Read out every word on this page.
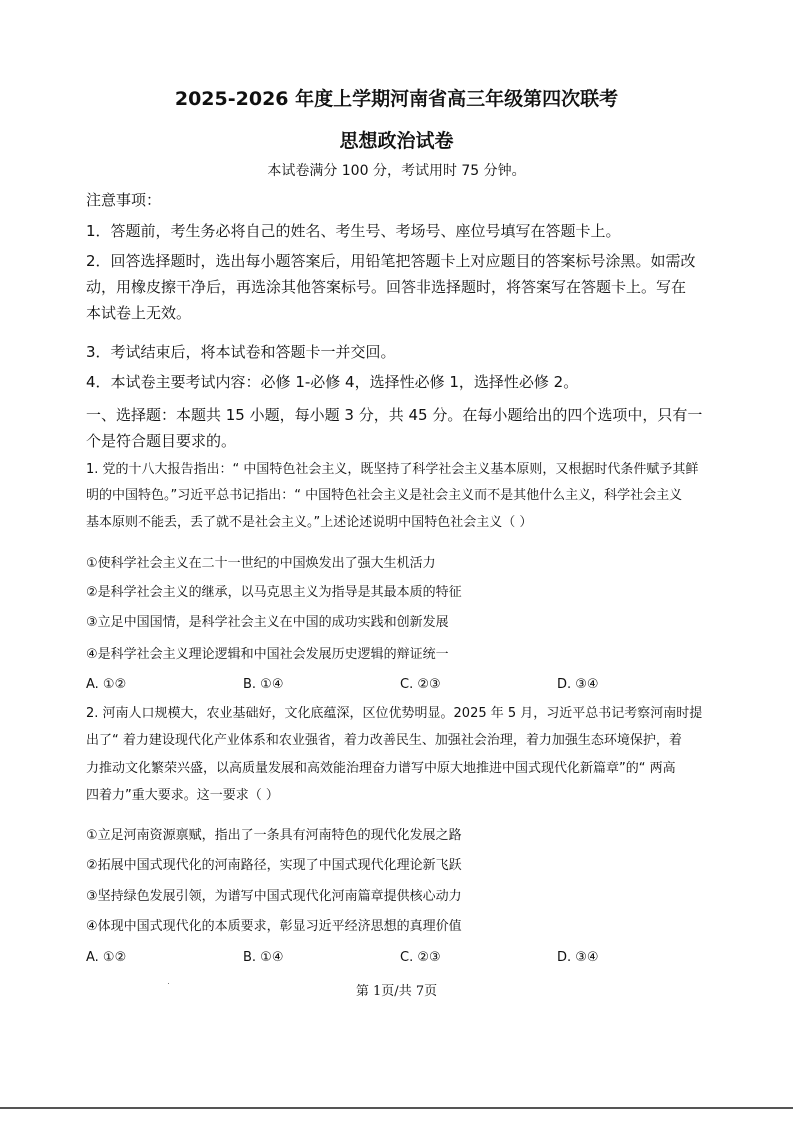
2025-2026 年度上学期河南省高三年级第四次联考
思想政治试卷
本试卷满分 100 分，考试用时 75 分钟。
注意事项：
1．答题前，考生务必将自己的姓名、考生号、考场号、座位号填写在答题卡上。
2．回答选择题时，选出每小题答案后，用铅笔把答题卡上对应题目的答案标号涂黑。如需改
动，用橡皮擦干净后，再选涂其他答案标号。回答非选择题时，将答案写在答题卡上。写在
本试卷上无效。
3．考试结束后，将本试卷和答题卡一并交回。
4．本试卷主要考试内容：必修 1-必修 4，选择性必修 1，选择性必修 2。
一、选择题：本题共 15 小题，每小题 3 分，共 45 分。在每小题给出的四个选项中，只有一
个是符合题目要求的。
1. 党的十八大报告指出：“ 中国特色社会主义，既坚持了科学社会主义基本原则，又根据时代条件赋予其鲜
明的中国特色。”习近平总书记指出：“ 中国特色社会主义是社会主义而不是其他什么主义，科学社会主义
基本原则不能丢，丢了就不是社会主义。”上述论述说明中国特色社会主义（ ）
①使科学社会主义在二十一世纪的中国焕发出了强大生机活力
②是科学社会主义的继承，以马克思主义为指导是其最本质的特征
③立足中国国情，是科学社会主义在中国的成功实践和创新发展
④是科学社会主义理论逻辑和中国社会发展历史逻辑的辩证统一
A. ①②	B. ①④	C. ②③	D. ③④
2. 河南人口规模大，农业基础好，文化底蕴深，区位优势明显。2025 年 5 月，习近平总书记考察河南时提
出了“ 着力建设现代化产业体系和农业强省，着力改善民生、加强社会治理，着力加强生态环境保护，着
力推动文化繁荣兴盛，以高质量发展和高效能治理奋力谱写中原大地推进中国式现代化新篇章”的“ 两高
四着力”重大要求。这一要求（ ）
①立足河南资源禀赋，指出了一条具有河南特色的现代化发展之路
②拓展中国式现代化的河南路径，实现了中国式现代化理论新飞跃
③坚持绿色发展引领，为谱写中国式现代化河南篇章提供核心动力
④体现中国式现代化的本质要求，彰显习近平经济思想的真理价值
A. ①②	B. ①④	C. ②③	D. ③④
第 1页/共 7页
